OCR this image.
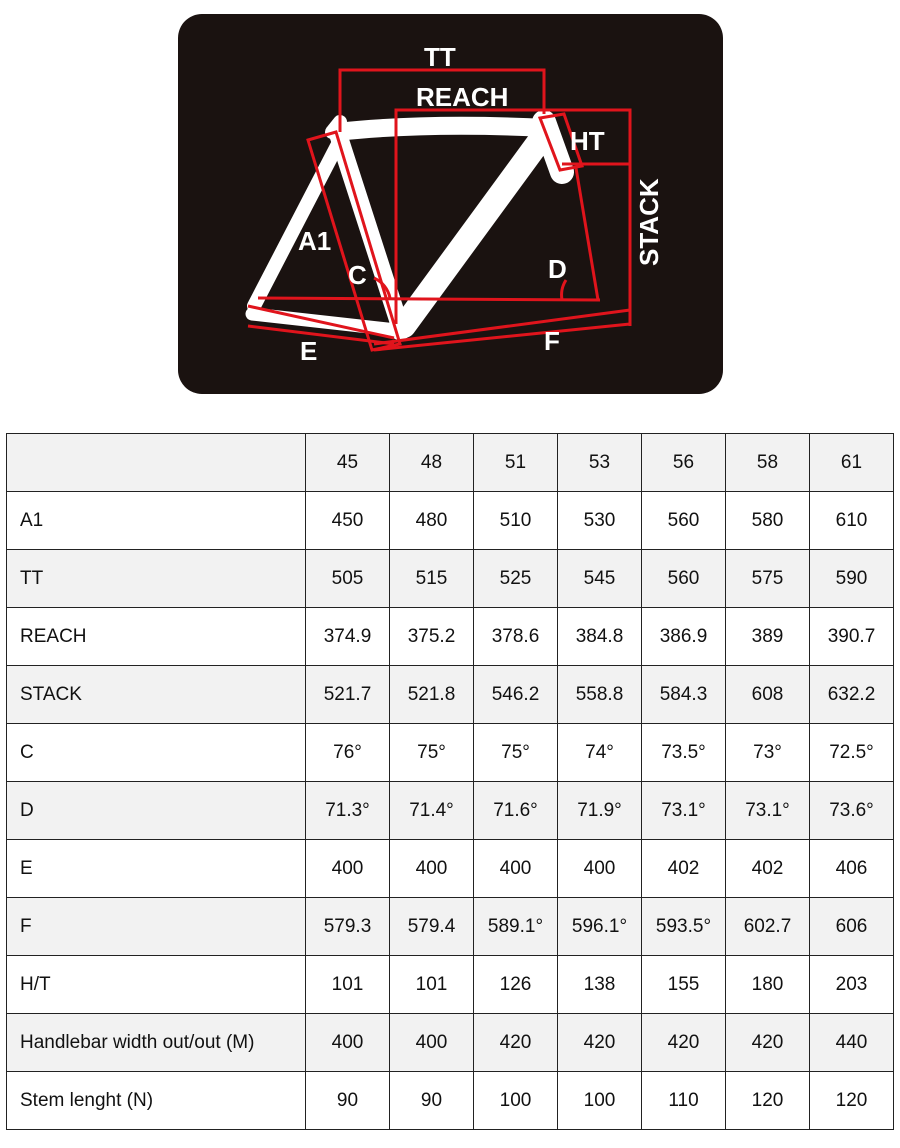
TT
REACH
HT
STACK
A1
C	D
E	F
	45	48	51	53	56	58	61
A1	450	480	510	530	560	580	610
TT	505	515	525	545	560	575	590
REACH	374.9	375.2	378.6	384.8	386.9	389	390.7
STACK	521.7	521.8	546.2	558.8	584.3	608	632.2
C	76°	75°	75°	74°	73.5°	73°	72.5°
D	71.3°	71.4°	71.6°	71.9°	73.1°	73.1°	73.6°
E	400	400	400	400	402	402	406
F	579.3	579.4	589.1°	596.1°	593.5°	602.7	606
H/T	101	101	126	138	155	180	203
Handlebar width out/out (M)	400	400	420	420	420	420	440
Stem lenght (N)	90	90	100	100	110	120	120
